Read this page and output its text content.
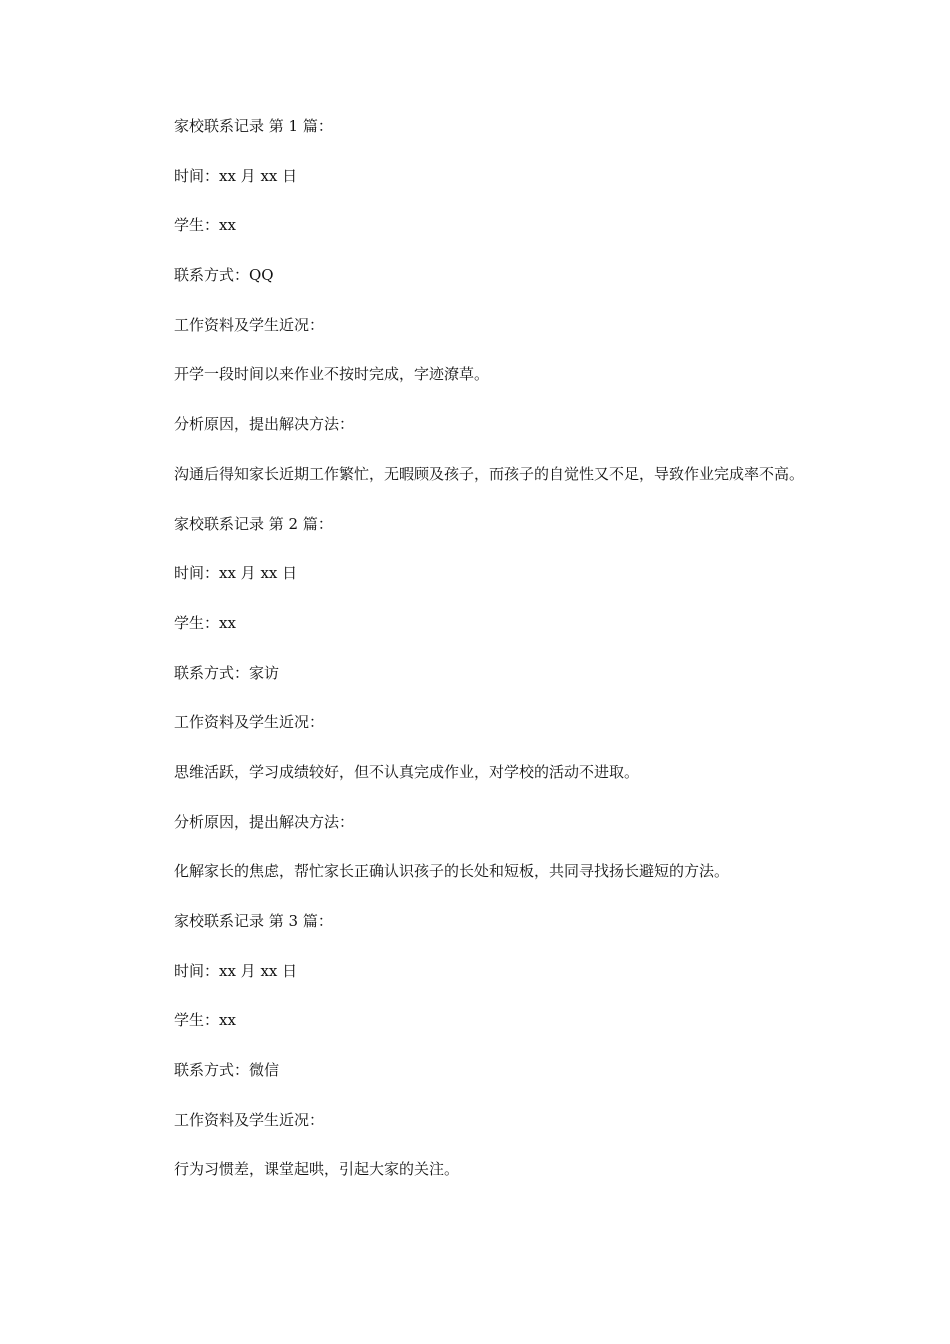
家校联系记录 第 1 篇：

时间：xx 月 xx 日

学生：xx

联系方式：QQ

工作资料及学生近况：

开学一段时间以来作业不按时完成，字迹潦草。

分析原因，提出解决方法：

沟通后得知家长近期工作繁忙，无暇顾及孩子，而孩子的自觉性又不足，导致作业完成率不高。

家校联系记录 第 2 篇：

时间：xx 月 xx 日

学生：xx

联系方式：家访

工作资料及学生近况：

思维活跃，学习成绩较好，但不认真完成作业，对学校的活动不进取。

分析原因，提出解决方法：

化解家长的焦虑，帮忙家长正确认识孩子的长处和短板，共同寻找扬长避短的方法。

家校联系记录 第 3 篇：

时间：xx 月 xx 日

学生：xx

联系方式：微信

工作资料及学生近况：

行为习惯差，课堂起哄，引起大家的关注。
